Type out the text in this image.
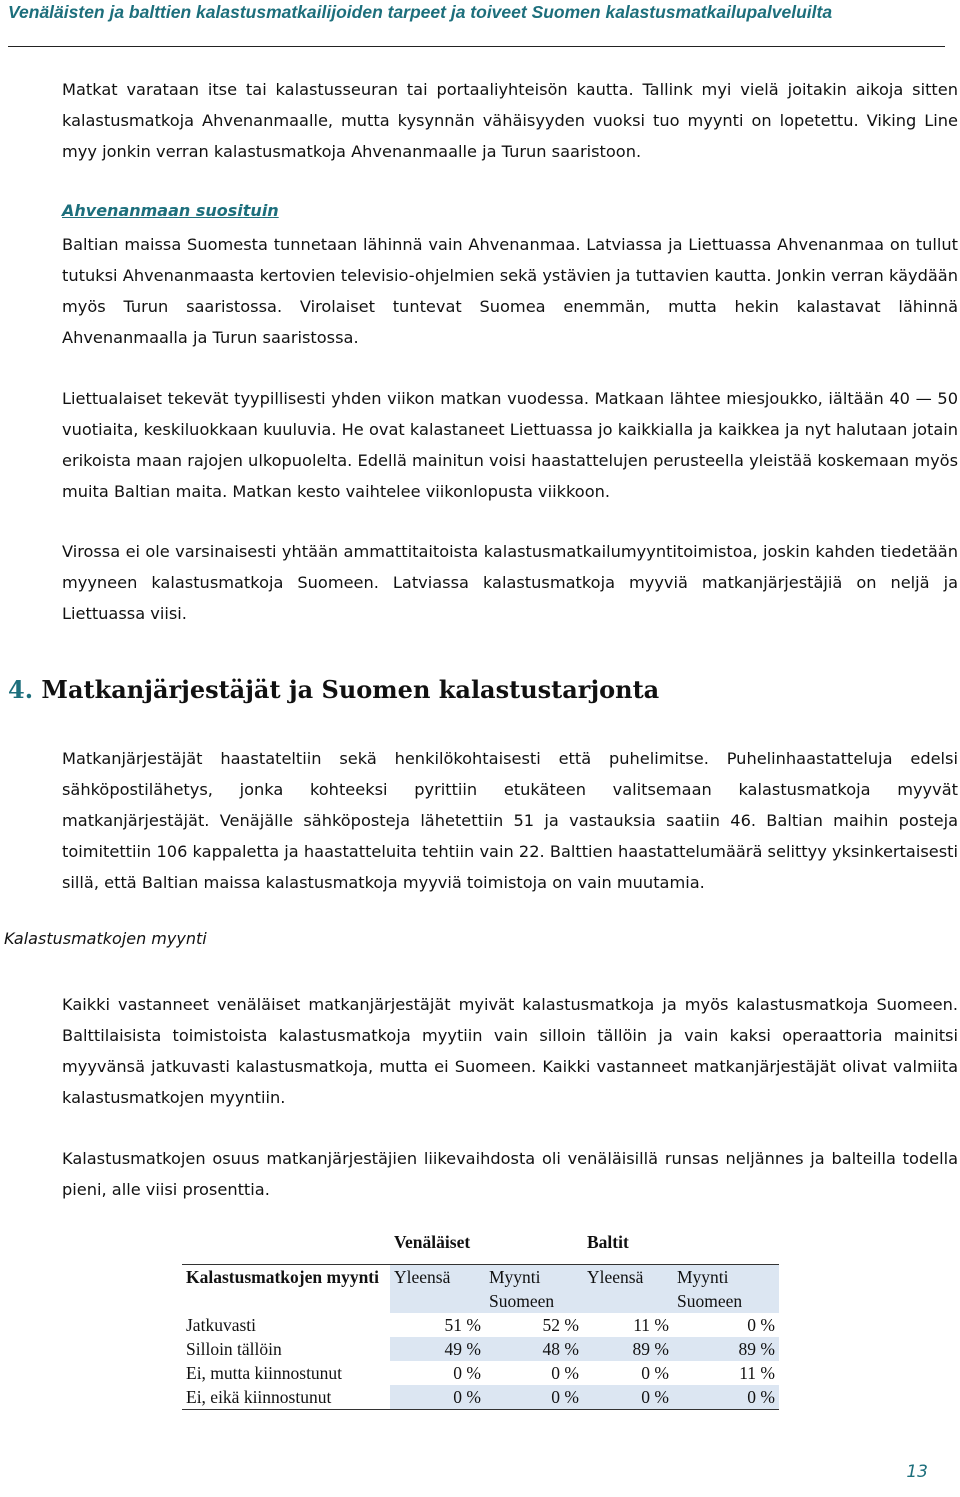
Venäläisten ja balttien kalastusmatkailijoiden tarpeet ja toiveet Suomen kalastusmatkailupalveluilta

Matkat varataan itse tai kalastusseuran tai portaaliyhteisön kautta. Tallink myi vielä joitakin aikoja sitten kalastusmatkoja Ahvenanmaalle, mutta kysynnän vähäisyyden vuoksi tuo myynti on lopetettu. Viking Line myy jonkin verran kalastusmatkoja Ahvenanmaalle ja Turun saaristoon.

Ahvenanmaan suosituin

Baltian maissa Suomesta tunnetaan lähinnä vain Ahvenanmaa. Latviassa ja Liettuassa Ahvenanmaa on tullut tutuksi Ahvenanmaasta kertovien televisio-ohjelmien sekä ystävien ja tuttavien kautta. Jonkin verran käydään myös Turun saaristossa. Virolaiset tuntevat Suomea enemmän, mutta hekin kalastavat lähinnä Ahvenanmaalla ja Turun saaristossa.

Liettualaiset tekevät tyypillisesti yhden viikon matkan vuodessa. Matkaan lähtee miesjoukko, iältään 40 — 50 vuotiaita, keskiluokkaan kuuluvia. He ovat kalastaneet Liettuassa jo kaikkialla ja kaikkea ja nyt halutaan jotain erikoista maan rajojen ulkopuolelta. Edellä mainitun voisi haastattelujen perusteella yleistää koskemaan myös muita Baltian maita. Matkan kesto vaihtelee viikonlopusta viikkoon.

Virossa ei ole varsinaisesti yhtään ammattitaitoista kalastusmatkailumyyntitoimistoa, joskin kahden tiedetään myyneen kalastusmatkoja Suomeen. Latviassa kalastusmatkoja myyviä matkanjärjestäjiä on neljä ja Liettuassa viisi.

4. Matkanjärjestäjät ja Suomen kalastustarjonta

Matkanjärjestäjät haastateltiin sekä henkilökohtaisesti että puhelimitse. Puhelinhaastatteluja edelsi sähköpostilähetys, jonka kohteeksi pyrittiin etukäteen valitsemaan kalastusmatkoja myyvät matkanjärjestäjät. Venäjälle sähköposteja lähetettiin 51 ja vastauksia saatiin 46. Baltian maihin posteja toimitettiin 106 kappaletta ja haastatteluita tehtiin vain 22. Balttien haastattelumäärä selittyy yksinkertaisesti sillä, että Baltian maissa kalastusmatkoja myyviä toimistoja on vain muutamia.

Kalastusmatkojen myynti

Kaikki vastanneet venäläiset matkanjärjestäjät myivät kalastusmatkoja ja myös kalastusmatkoja Suomeen. Balttilaisista toimistoista kalastusmatkoja myytiin vain silloin tällöin ja vain kaksi operaattoria mainitsi myyvänsä jatkuvasti kalastusmatkoja, mutta ei Suomeen. Kaikki vastanneet matkanjärjestäjät olivat valmiita kalastusmatkojen myyntiin.

Kalastusmatkojen osuus matkanjärjestäjien liikevaihdosta oli venäläisillä runsas neljännes ja balteilla todella pieni, alle viisi prosenttia.

	Venäläiset		Baltit	
Kalastusmatkojen myynti	Yleensä	Myynti Suomeen	Yleensä	Myynti Suomeen
Jatkuvasti	51 %	52 %	11 %	0 %
Silloin tällöin	49 %	48 %	89 %	89 %
Ei, mutta kiinnostunut	0 %	0 %	0 %	11 %
Ei, eikä kiinnostunut	0 %	0 %	0 %	0 %

13
